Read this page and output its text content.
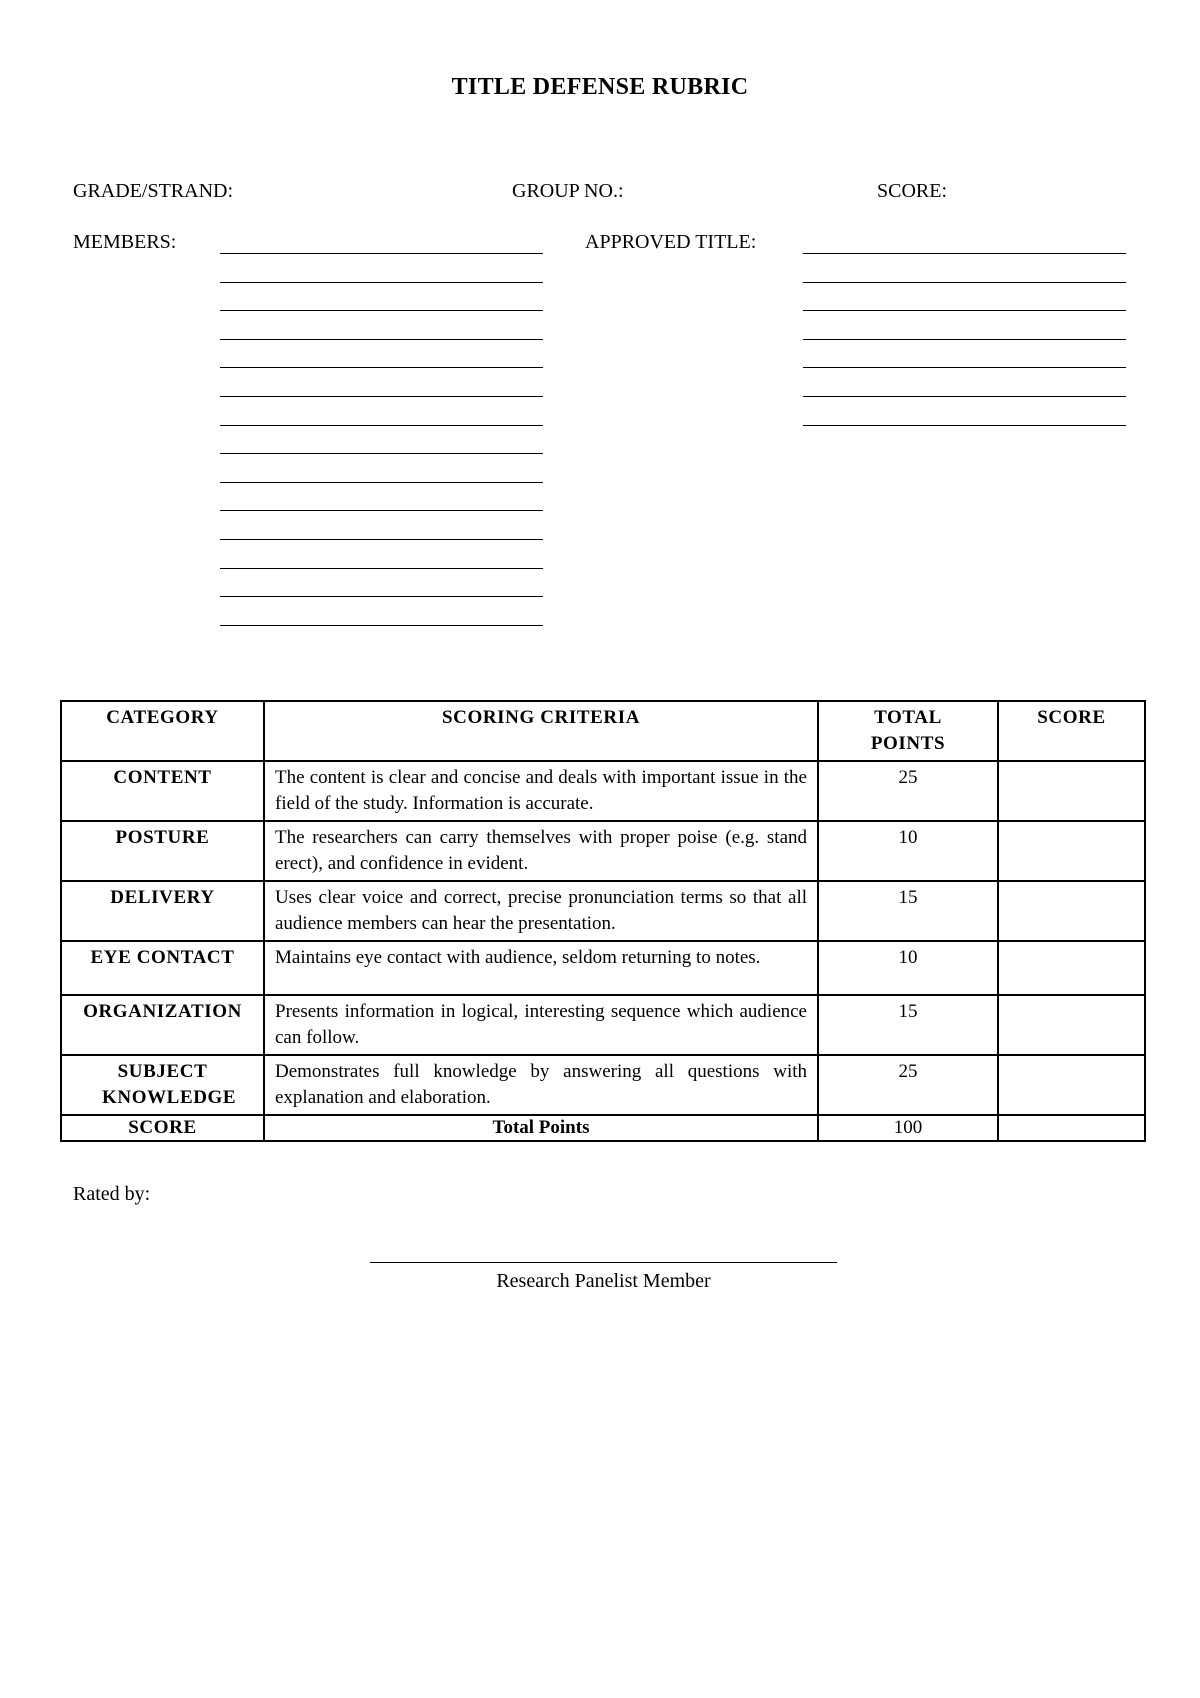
TITLE DEFENSE RUBRIC
GRADE/STRAND:	GROUP NO.:	SCORE:
MEMBERS:	APPROVED TITLE:
CATEGORY	SCORING CRITERIA	TOTAL POINTS	SCORE
CONTENT	The content is clear and concise and deals with important issue in the field of the study. Information is accurate.	25	
POSTURE	The researchers can carry themselves with proper poise (e.g. stand erect), and confidence in evident.	10	
DELIVERY	Uses clear voice and correct, precise pronunciation terms so that all audience members can hear the presentation.	15	
EYE CONTACT	Maintains eye contact with audience, seldom returning to notes.	10	
ORGANIZATION	Presents information in logical, interesting sequence which audience can follow.	15	
SUBJECT KNOWLEDGE	Demonstrates full knowledge by answering all questions with explanation and elaboration.	25	
SCORE	Total Points	100	
Rated by:
Research Panelist Member
